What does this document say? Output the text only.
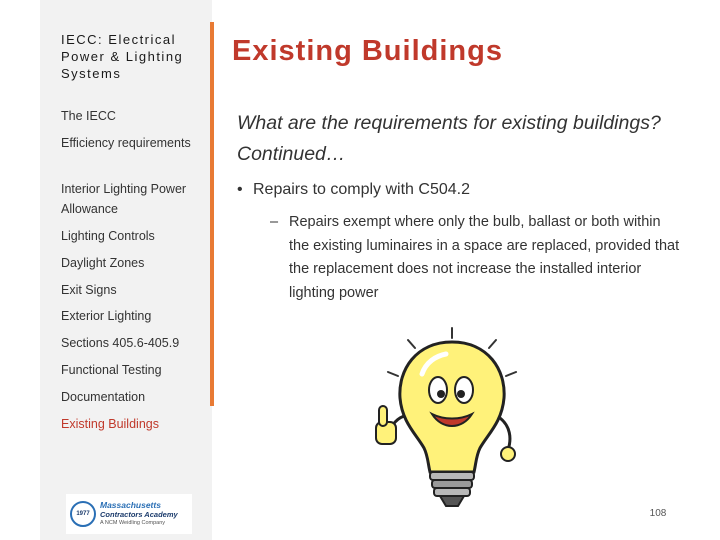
IECC: Electrical Power & Lighting Systems
The IECC
Efficiency requirements
Interior Lighting Power Allowance
Lighting Controls
Daylight Zones
Exit Signs
Exterior Lighting
Sections 405.6-405.9
Functional Testing
Documentation
Existing Buildings
1977
Massachusetts
Contractors Academy
A NCM Weidling Company
Existing Buildings
What are the requirements for existing buildings? Continued…
• Repairs to comply with C504.2
– Repairs exempt where only the bulb, ballast or both within the existing luminaires in a space are replaced, provided that the replacement does not increase the installed interior lighting power
108
